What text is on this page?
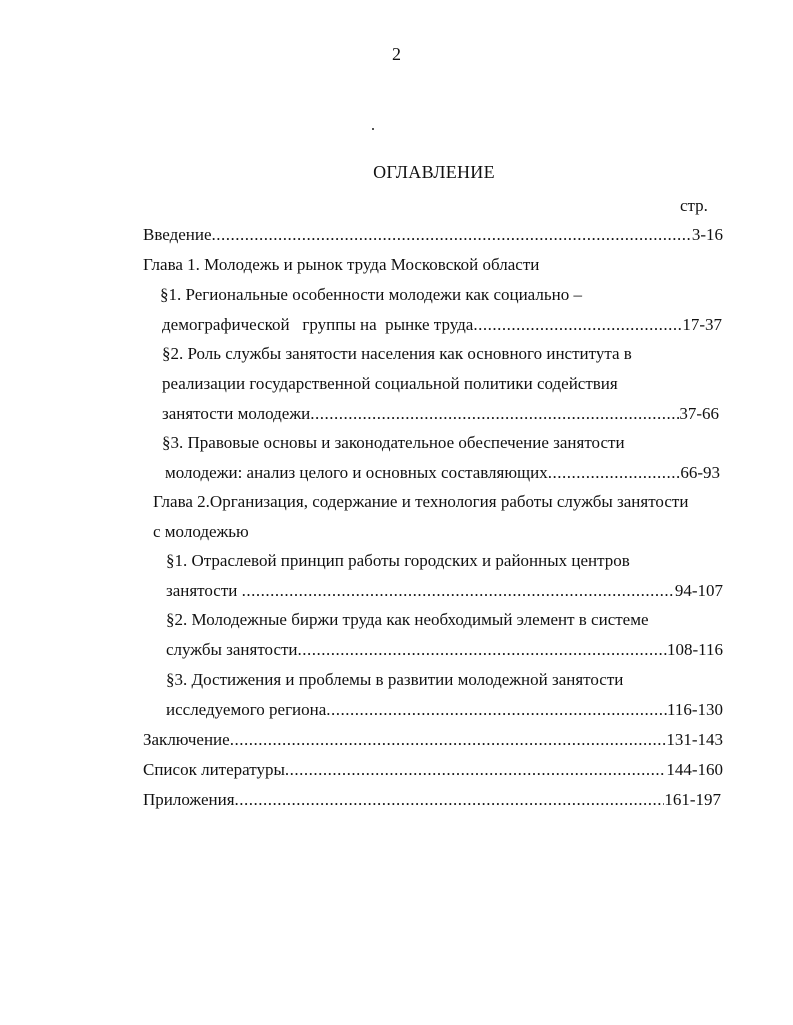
2
ОГЛАВЛЕНИЕ
стр.
Введение .....	3-16
Глава 1. Молодежь и рынок труда Московской области
§1. Региональные особенности молодежи как социально –
демографической   группы на  рынке труда .....	17-37
§2. Роль службы занятости населения как основного института в
реализации государственной социальной политики содействия
занятости молодежи .....	37-66
§3. Правовые основы и законодательное обеспечение занятости
молодежи: анализ целого и основных составляющих .....	66-93
Глава 2.Организация, содержание и технология работы службы занятости
с молодежью
§1. Отраслевой принцип работы городских и районных центров
занятости .....	94-107
§2. Молодежные биржи труда как необходимый элемент в системе
службы занятости .....	108-116
§3. Достижения и проблемы в развитии молодежной занятости
исследуемого региона .....	116-130
Заключение .....	131-143
Список литературы .....	144-160
Приложения .....	161-197
